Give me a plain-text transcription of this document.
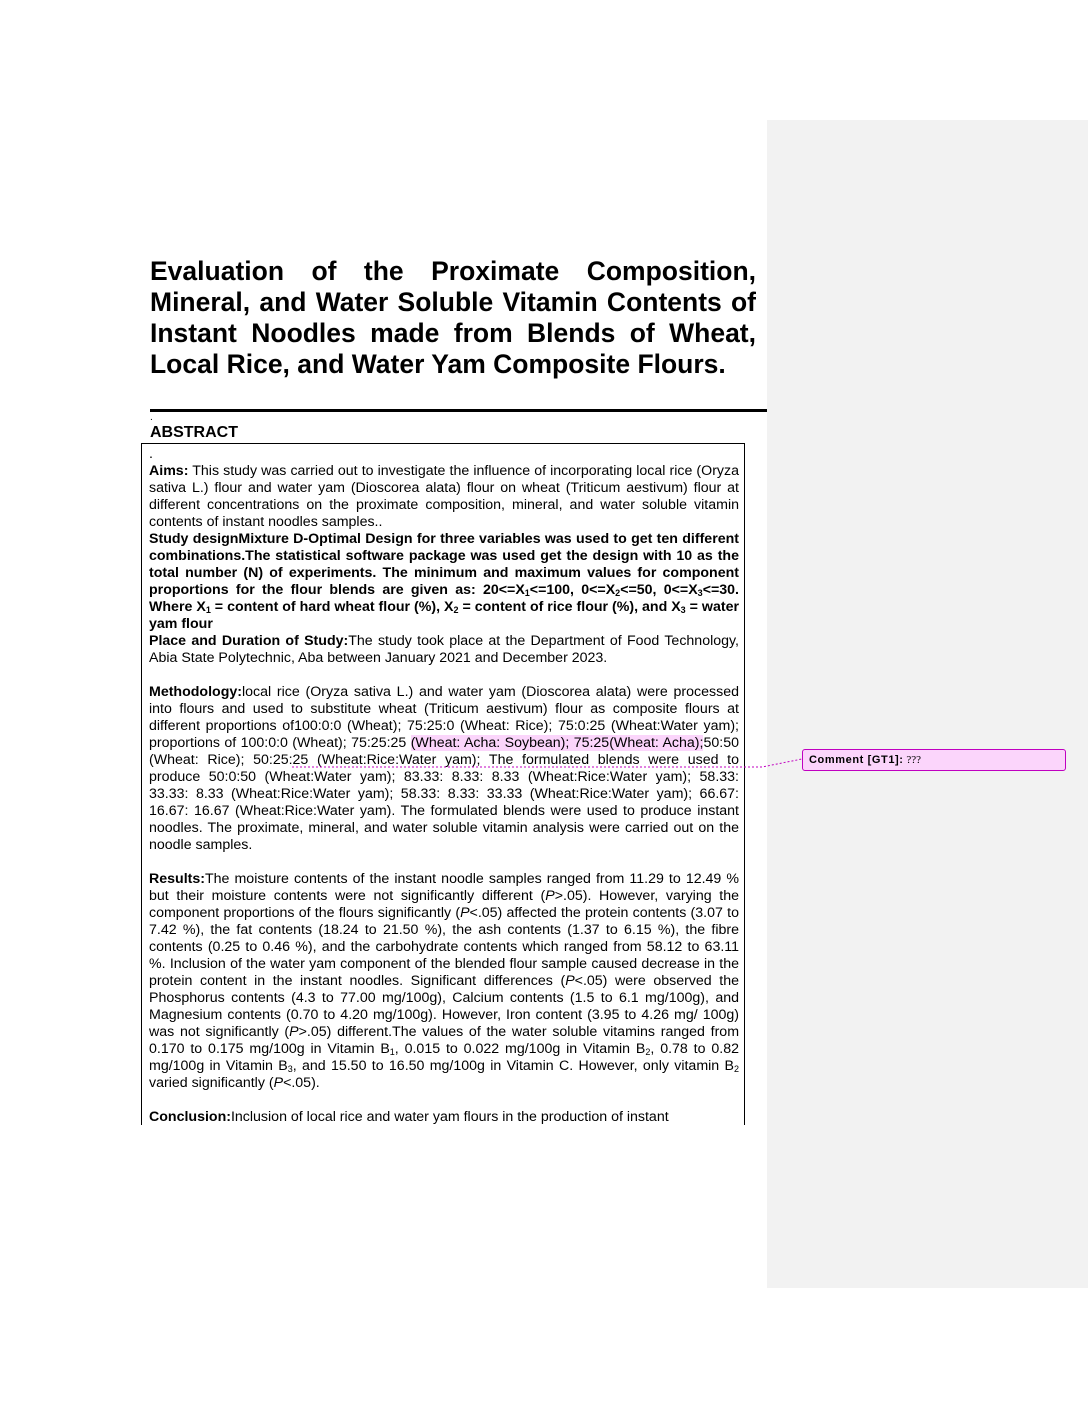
Evaluation of the Proximate Composition, Mineral, and Water Soluble Vitamin Contents of Instant Noodles made from Blends of Wheat, Local Rice, and Water Yam Composite Flours.
.
ABSTRACT

.

Aims: This study was carried out to investigate the influence of incorporating local rice (Oryza sativa L.) flour and water yam (Dioscorea alata) flour on wheat (Triticum aestivum) flour at different concentrations on the proximate composition, mineral, and water soluble vitamin contents of instant noodles samples..

Study designMixture D-Optimal Design for three variables was used to get ten different combinations.The statistical software package was used get the design with 10 as the total number (N) of experiments. The minimum and maximum values for component proportions for the flour blends are given as: $20<=X_1<=100$, $0<=X_2<=50$, $0<=X_3<=30$. Where $X_1$ = content of hard wheat flour (%), $X_2$ = content of rice flour (%), and $X_3$ = water yam flour

Place and Duration of Study:The study took place at the Department of Food Technology, Abia State Polytechnic, Aba between January 2021 and December 2023.

Methodology:local rice (Oryza sativa L.) and water yam (Dioscorea alata) were processed into flours and used to substitute wheat (Triticum aestivum) flour as composite flours at different proportions of100:0:0 (Wheat); 75:25:0 (Wheat: Rice); 75:0:25 (Wheat:Water yam); proportions of 100:0:0 (Wheat); 75:25:25 (Wheat: Acha: Soybean); 75:25(Wheat: Acha);50:50 (Wheat: Rice); 50:25:25 (Wheat:Rice:Water yam); The formulated blends were used to produce 50:0:50 (Wheat:Water yam); 83.33: 8.33: 8.33 (Wheat:Rice:Water yam); 58.33: 33.33: 8.33 (Wheat:Rice:Water yam); 58.33: 8.33: 33.33 (Wheat:Rice:Water yam); 66.67: 16.67: 16.67 (Wheat:Rice:Water yam). The formulated blends were used to produce instant noodles. The proximate, mineral, and water soluble vitamin analysis were carried out on the noodle samples.

Results:The moisture contents of the instant noodle samples ranged from 11.29 to 12.49 % but their moisture contents were not significantly different (P>.05). However, varying the component proportions of the flours significantly (P<.05) affected the protein contents (3.07 to 7.42 %), the fat contents (18.24 to 21.50 %), the ash contents (1.37 to 6.15 %), the fibre contents (0.25 to 0.46 %), and the carbohydrate contents which ranged from 58.12 to 63.11 %. Inclusion of the water yam component of the blended flour sample caused decrease in the protein content in the instant noodles. Significant differences (P<.05) were observed the Phosphorus contents (4.3 to 77.00 mg/100g), Calcium contents (1.5 to 6.1 mg/100g), and Magnesium contents (0.70 to 4.20 mg/100g). However, Iron content (3.95 to 4.26 mg/ 100g) was not significantly (P>.05) different.The values of the water soluble vitamins ranged from 0.170 to 0.175 mg/100g in Vitamin $B_1$, 0.015 to 0.022 mg/100g in Vitamin $B_2$, 0.78 to 0.82 mg/100g in Vitamin $B_3$, and 15.50 to 16.50 mg/100g in Vitamin C. However, only vitamin $B_2$ varied significantly (P<.05).

Conclusion:Inclusion of local rice and water yam flours in the production of instant

Comment [GT1]: ???
